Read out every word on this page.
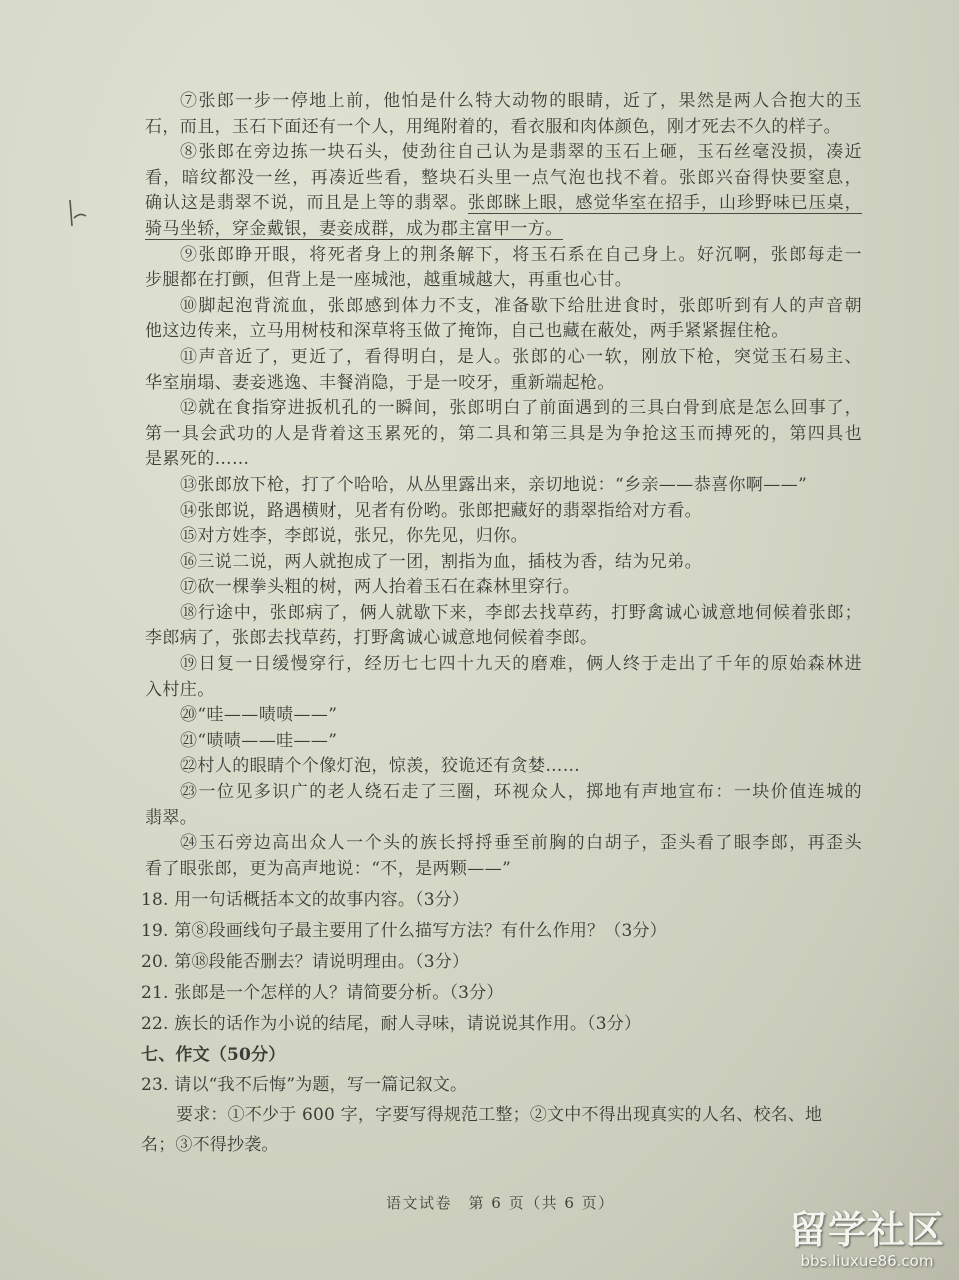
⑦张郎一步一停地上前，他怕是什么特大动物的眼睛，近了，果然是两人合抱大的玉
石，而且，玉石下面还有一个人，用绳附着的，看衣服和肉体颜色，刚才死去不久的样子。
⑧张郎在旁边拣一块石头，使劲往自己认为是翡翠的玉石上砸，玉石丝毫没损，凑近
看，暗纹都没一丝，再凑近些看，整块石头里一点气泡也找不着。张郎兴奋得快要窒息，
确认这是翡翠不说，而且是上等的翡翠。张郎眯上眼，感觉华室在招手，山珍野味已压桌，
骑马坐轿，穿金戴银，妻妾成群，成为郡主富甲一方。
⑨张郎睁开眼，将死者身上的荆条解下，将玉石系在自己身上。好沉啊，张郎每走一
步腿都在打颤，但背上是一座城池，越重城越大，再重也心甘。
⑩脚起泡背流血，张郎感到体力不支，准备歇下给肚进食时，张郎听到有人的声音朝
他这边传来，立马用树枝和深草将玉做了掩饰，自己也藏在蔽处，两手紧紧握住枪。
⑪声音近了，更近了，看得明白，是人。张郎的心一软，刚放下枪，突觉玉石易主、
华室崩塌、妻妾逃逸、丰餐消隐，于是一咬牙，重新端起枪。
⑫就在食指穿进扳机孔的一瞬间，张郎明白了前面遇到的三具白骨到底是怎么回事了，
第一具会武功的人是背着这玉累死的，第二具和第三具是为争抢这玉而搏死的，第四具也
是累死的……
⑬张郎放下枪，打了个哈哈，从丛里露出来，亲切地说：“乡亲——恭喜你啊——”
⑭张郎说，路遇横财，见者有份哟。张郎把藏好的翡翠指给对方看。
⑮对方姓李，李郎说，张兄，你先见，归你。
⑯三说二说，两人就抱成了一团，割指为血，插枝为香，结为兄弟。
⑰砍一棵拳头粗的树，两人抬着玉石在森林里穿行。
⑱行途中，张郎病了，俩人就歇下来，李郎去找草药，打野禽诚心诚意地伺候着张郎；
李郎病了，张郎去找草药，打野禽诚心诚意地伺候着李郎。
⑲日复一日缓慢穿行，经历七七四十九天的磨难，俩人终于走出了千年的原始森林进
入村庄。
⑳“哇——啧啧——”
㉑“啧啧——哇——”
㉒村人的眼睛个个像灯泡，惊羡，狡诡还有贪婪……
㉓一位见多识广的老人绕石走了三圈，环视众人，掷地有声地宣布：一块价值连城的
翡翠。
㉔玉石旁边高出众人一个头的族长捋捋垂至前胸的白胡子，歪头看了眼李郎，再歪头
看了眼张郎，更为高声地说：“不，是两颗——”
18. 用一句话概括本文的故事内容。（3分）
19. 第⑧段画线句子最主要用了什么描写方法？有什么作用？（3分）
20. 第⑱段能否删去？请说明理由。（3分）
21. 张郎是一个怎样的人？请简要分析。（3分）
22. 族长的话作为小说的结尾，耐人寻味，请说说其作用。（3分）
七、作文（50分）
23. 请以“我不后悔”为题，写一篇记叙文。
要求：①不少于 600 字，字要写得规范工整；②文中不得出现真实的人名、校名、地
名；③不得抄袭。
语文试卷　第 6 页（共 6 页）
留学社区
bbs.liuxue86.com
